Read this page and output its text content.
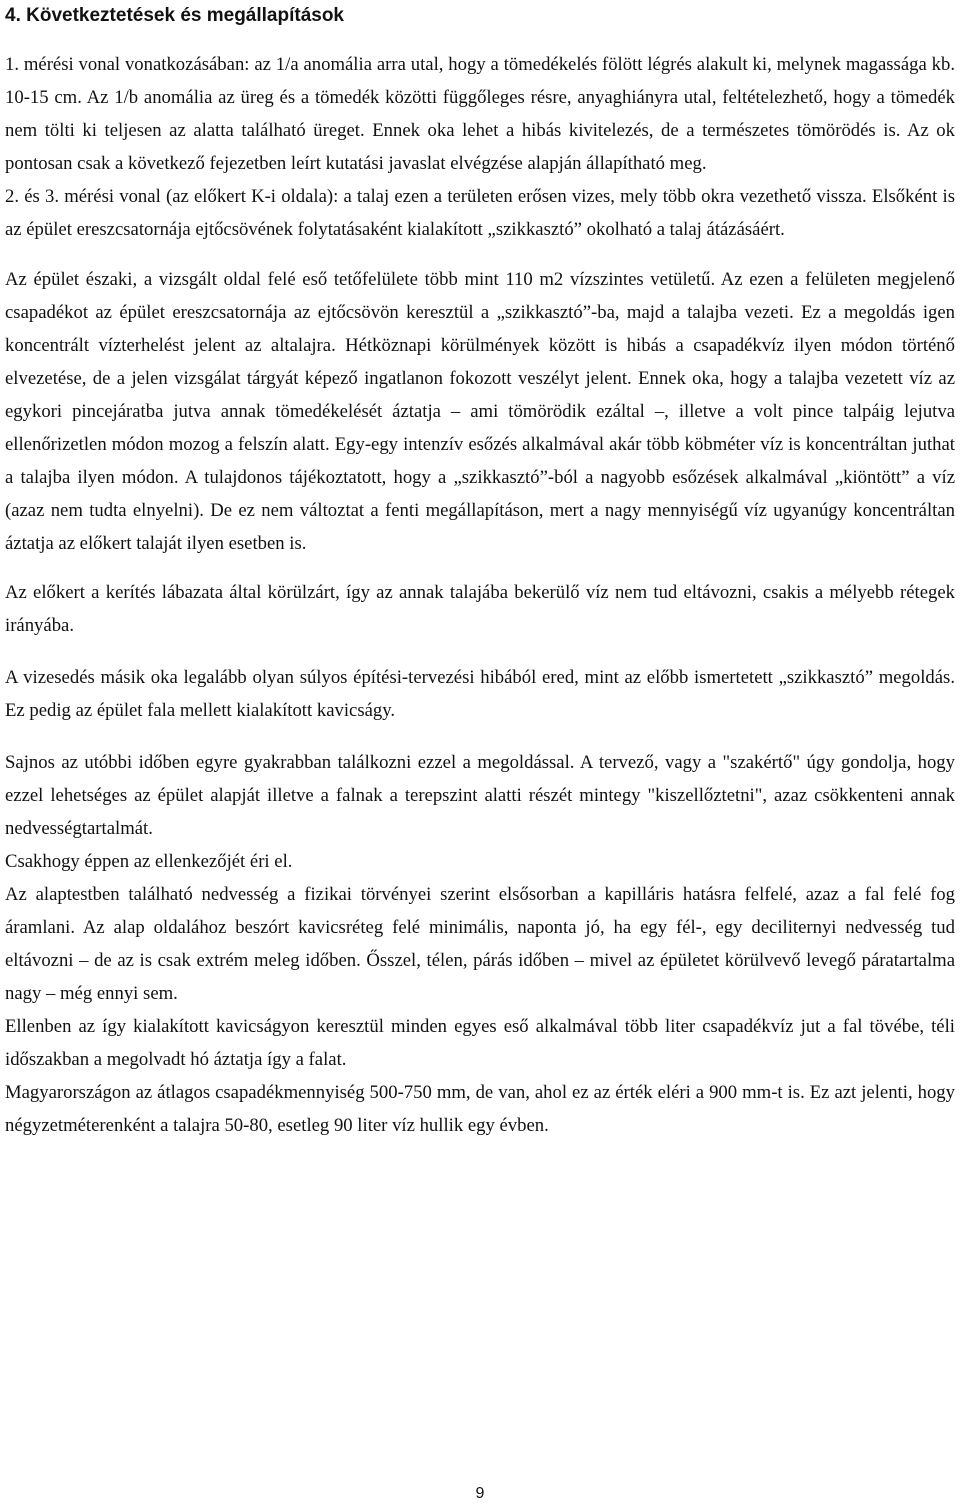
4. Következtetések és megállapítások

1. mérési vonal vonatkozásában: az 1/a anomália arra utal, hogy a tömedékelés fölött légrés alakult ki, melynek magassága kb. 10-15 cm. Az 1/b anomália az üreg és a tömedék közötti függőleges résre, anyaghiányra utal, feltételezhető, hogy a tömedék nem tölti ki teljesen az alatta található üreget. Ennek oka lehet a hibás kivitelezés, de a természetes tömörödés is. Az ok pontosan csak a következő fejezetben leírt kutatási javaslat elvégzése alapján állapítható meg.

2. és 3. mérési vonal (az előkert K-i oldala): a talaj ezen a területen erősen vizes, mely több okra vezethető vissza. Elsőként is az épület ereszcsatornája ejtőcsövének folytatásaként kialakított „szikkasztó” okolható a talaj átázásáért.

Az épület északi, a vizsgált oldal felé eső tetőfelülete több mint 110 m2 vízszintes vetületű. Az ezen a felületen megjelenő csapadékot az épület ereszcsatornája az ejtőcsövön keresztül a „szikkasztó”-ba, majd a talajba vezeti. Ez a megoldás igen koncentrált vízterhelést jelent az altalajra. Hétköznapi körülmények között is hibás a csapadékvíz ilyen módon történő elvezetése, de a jelen vizsgálat tárgyát képező ingatlanon fokozott veszélyt jelent. Ennek oka, hogy a talajba vezetett víz az egykori pincejáratba jutva annak tömedékelését áztatja – ami tömörödik ezáltal –, illetve a volt pince talpáig lejutva ellenőrizetlen módon mozog a felszín alatt. Egy-egy intenzív esőzés alkalmával akár több köbméter víz is koncentráltan juthat a talajba ilyen módon. A tulajdonos tájékoztatott, hogy a „szikkasztó”-ból a nagyobb esőzések alkalmával „kiöntött” a víz (azaz nem tudta elnyelni). De ez nem változtat a fenti megállapításon, mert a nagy mennyiségű víz ugyanúgy koncentráltan áztatja az előkert talaját ilyen esetben is.

Az előkert a kerítés lábazata által körülzárt, így az annak talajába bekerülő víz nem tud eltávozni, csakis a mélyebb rétegek irányába.

A vizesedés másik oka legalább olyan súlyos építési-tervezési hibából ered, mint az előbb ismertetett „szikkasztó” megoldás. Ez pedig az épület fala mellett kialakított kavicságy.

Sajnos az utóbbi időben egyre gyakrabban találkozni ezzel a megoldással. A tervező, vagy a "szakértő" úgy gondolja, hogy ezzel lehetséges az épület alapját illetve a falnak a terepszint alatti részét mintegy "kiszellőztetni", azaz csökkenteni annak nedvességtartalmát.

Csakhogy éppen az ellenkezőjét éri el.

Az alaptestben található nedvesség a fizikai törvényei szerint elsősorban a kapilláris hatásra felfelé, azaz a fal felé fog áramlani. Az alap oldalához beszórt kavicsréteg felé minimális, naponta jó, ha egy fél-, egy deciliternyi nedvesség tud eltávozni – de az is csak extrém meleg időben. Ősszel, télen, párás időben – mivel az épületet körülvevő levegő páratartalma nagy – még ennyi sem.

Ellenben az így kialakított kavicságyon keresztül minden egyes eső alkalmával több liter csapadékvíz jut a fal tövébe, téli időszakban a megolvadt hó áztatja így a falat.

Magyarországon az átlagos csapadékmennyiség 500-750 mm, de van, ahol ez az érték eléri a 900 mm-t is. Ez azt jelenti, hogy négyzetméterenként a talajra 50-80, esetleg 90 liter víz hullik egy évben.

9
